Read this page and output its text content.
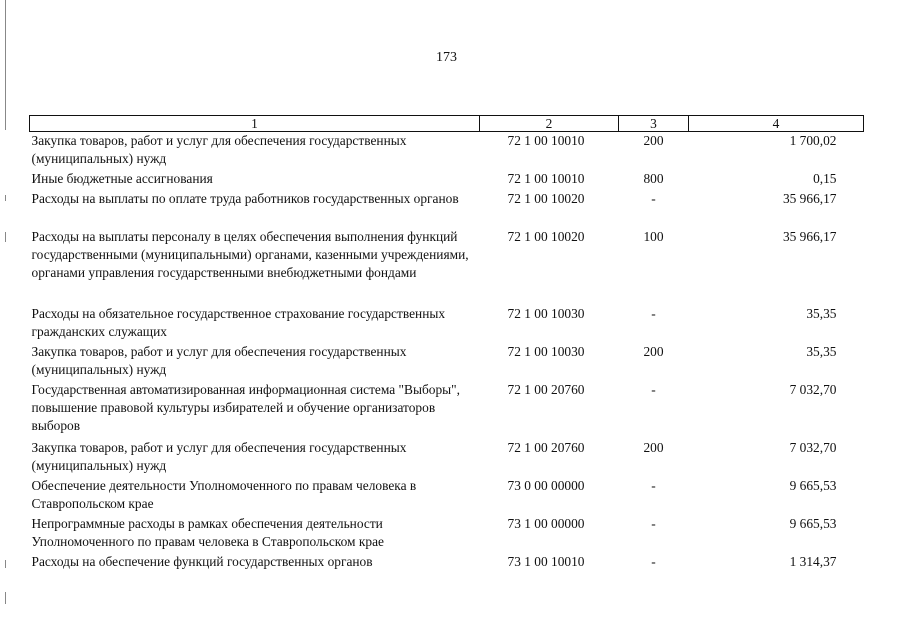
173
1	2	3	4
Закупка товаров, работ и услуг для обеспечения государственных (муниципальных) нужд	72 1 00 10010	200	1 700,02
Иные бюджетные ассигнования	72 1 00 10010	800	0,15
Расходы на выплаты по оплате труда работников государственных органов	72 1 00 10020	-	35 966,17
Расходы на выплаты персоналу в целях обеспечения выполнения функций государственными (муниципальными) органами, казенными учреждениями, органами управления государственными внебюджетными фондами	72 1 00 10020	100	35 966,17
Расходы на обязательное государственное страхование государственных гражданских служащих	72 1 00 10030	-	35,35
Закупка товаров, работ и услуг для обеспечения государственных (муниципальных) нужд	72 1 00 10030	200	35,35
Государственная автоматизированная информационная система "Выборы", повышение правовой культуры избирателей и обучение организаторов выборов	72 1 00 20760	-	7 032,70
Закупка товаров, работ и услуг для обеспечения государственных (муниципальных) нужд	72 1 00 20760	200	7 032,70
Обеспечение деятельности Уполномоченного по правам человека в Ставропольском крае	73 0 00 00000	-	9 665,53
Непрограммные расходы в рамках обеспечения деятельности Уполномоченного по правам человека в Ставропольском крае	73 1 00 00000	-	9 665,53
Расходы на обеспечение функций государственных органов	73 1 00 10010	-	1 314,37
